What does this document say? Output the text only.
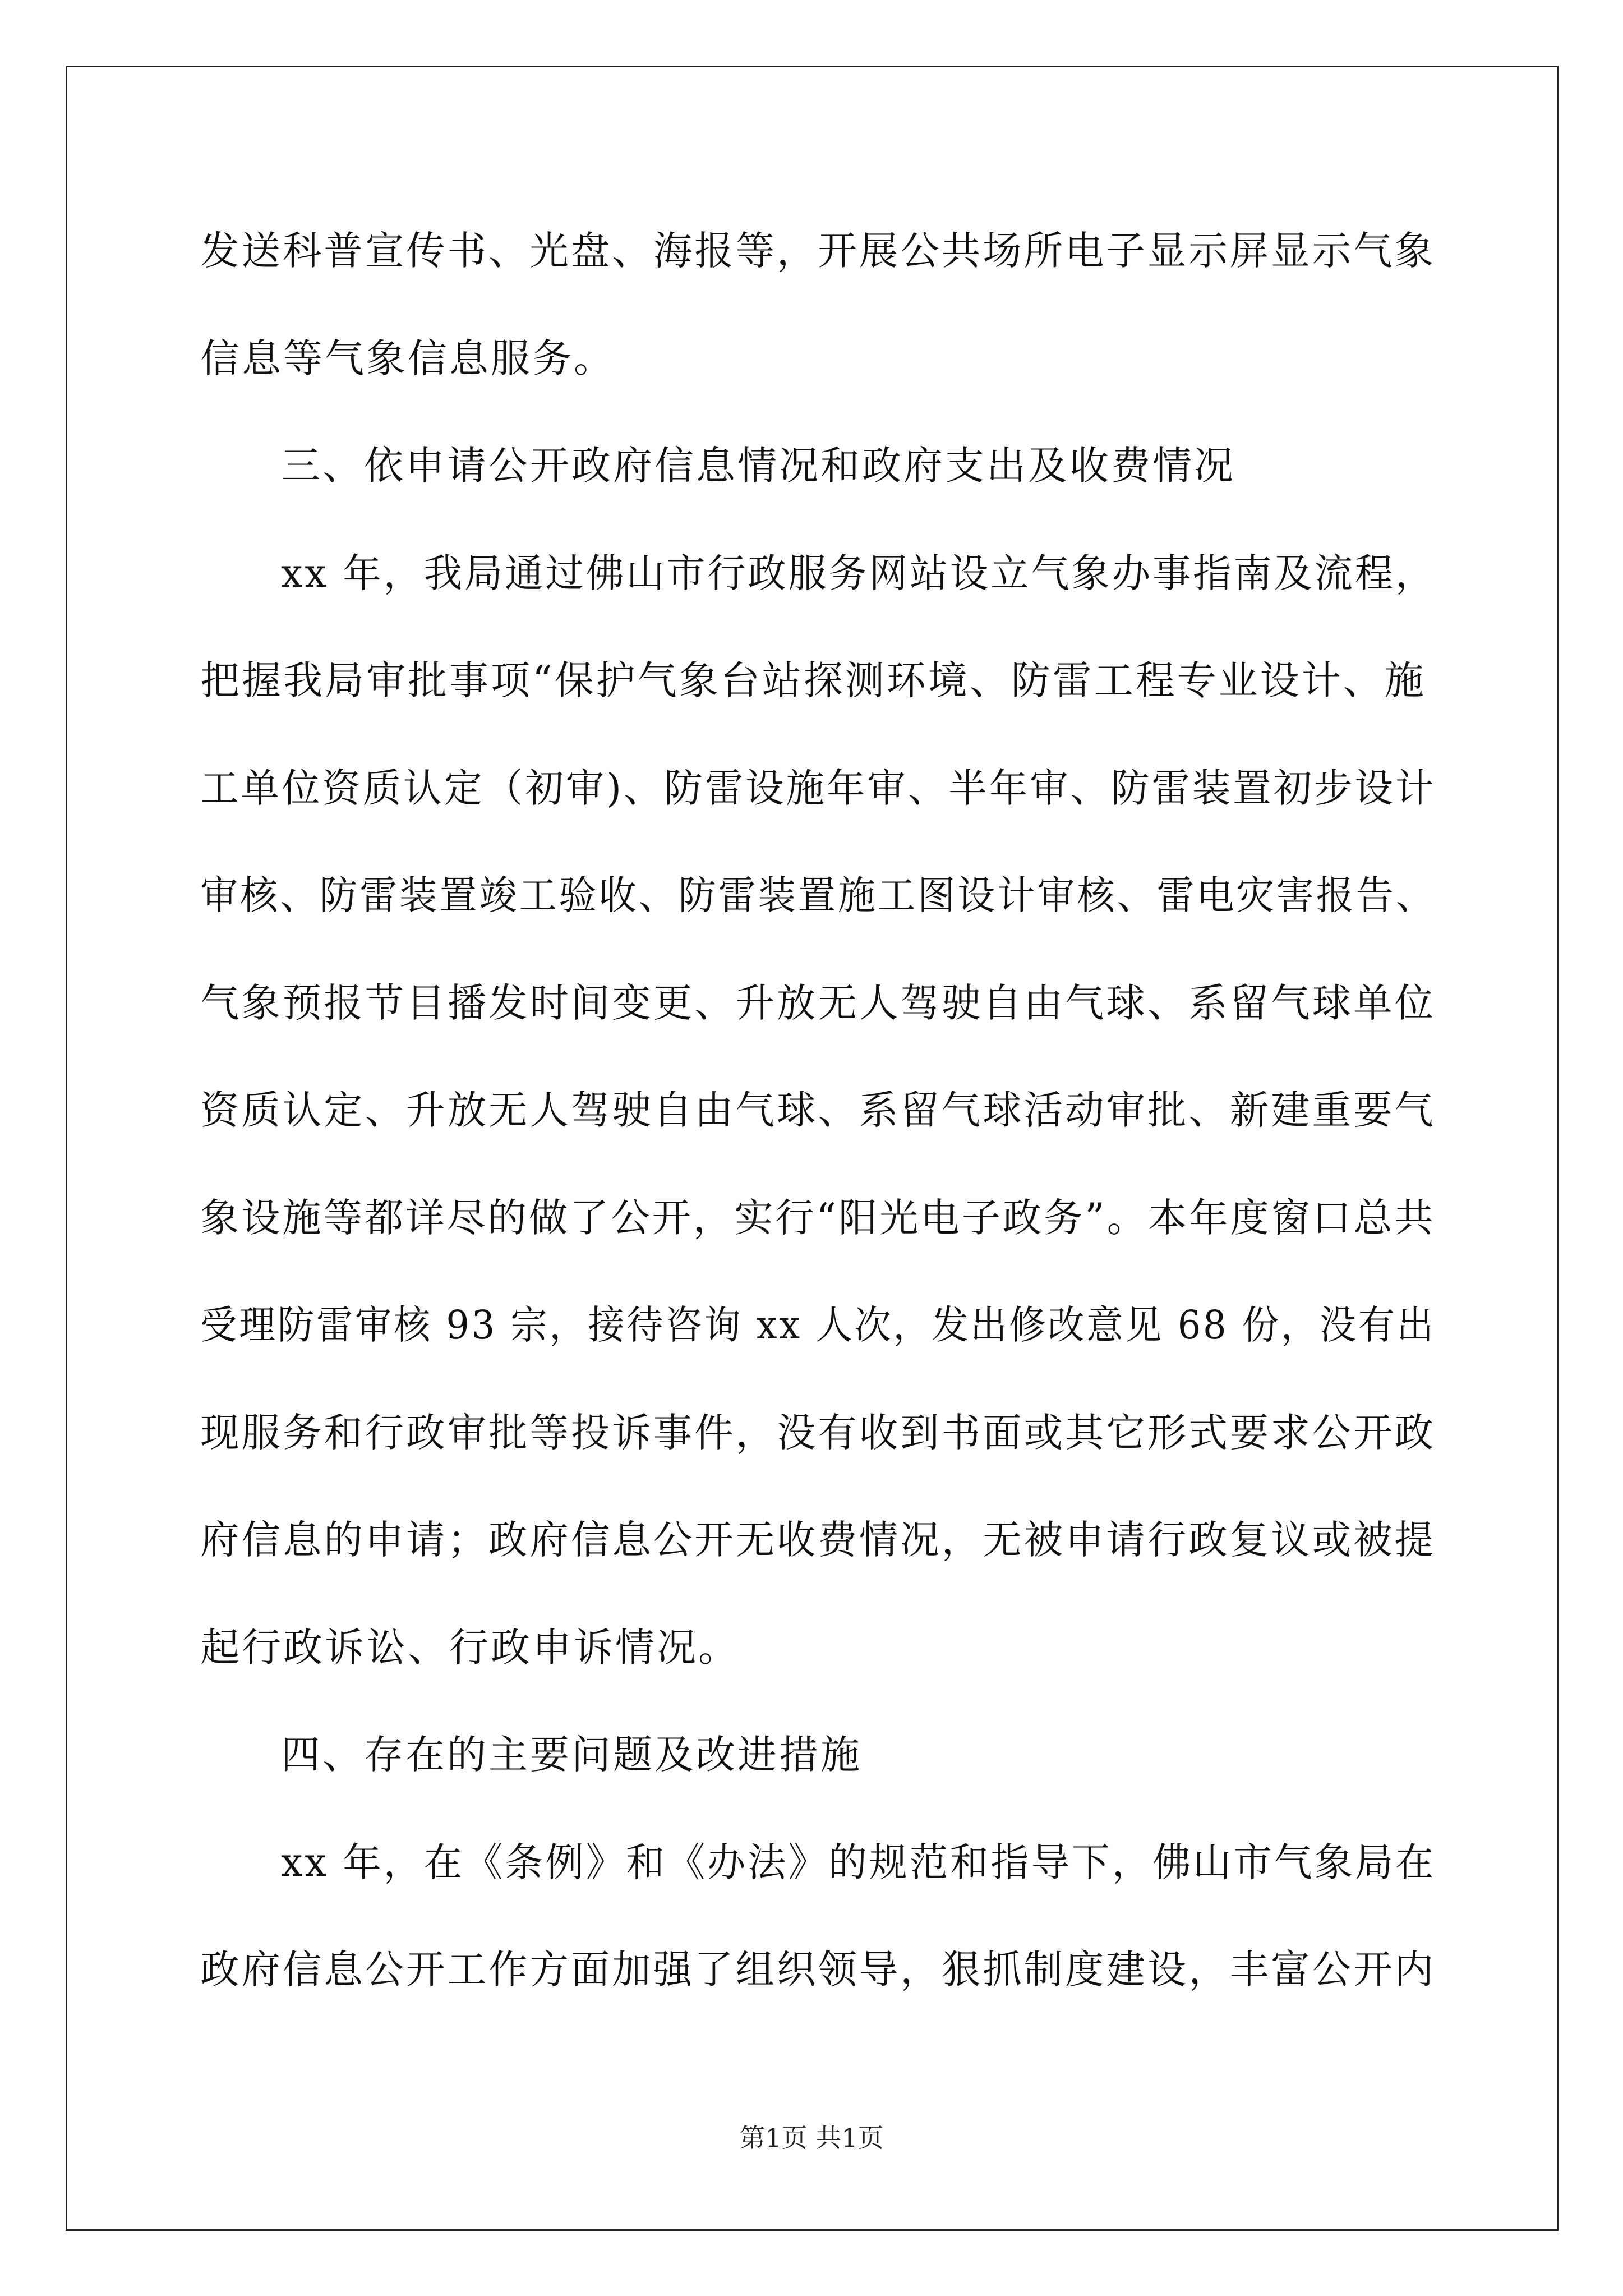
发送科普宣传书、光盘、海报等，开展公共场所电子显示屏显示气象
信息等气象信息服务。
三、依申请公开政府信息情况和政府支出及收费情况
xx 年，我局通过佛山市行政服务网站设立气象办事指南及流程，
把握我局审批事项“保护气象台站探测环境、防雷工程专业设计、施
工单位资质认定（初审)、防雷设施年审、半年审、防雷装置初步设计
审核、防雷装置竣工验收、防雷装置施工图设计审核、雷电灾害报告、
气象预报节目播发时间变更、升放无人驾驶自由气球、系留气球单位
资质认定、升放无人驾驶自由气球、系留气球活动审批、新建重要气
象设施等都详尽的做了公开，实行“阳光电子政务”。本年度窗口总共
受理防雷审核 93 宗，接待咨询 xx 人次，发出修改意见 68 份，没有出
现服务和行政审批等投诉事件，没有收到书面或其它形式要求公开政
府信息的申请；政府信息公开无收费情况，无被申请行政复议或被提
起行政诉讼、行政申诉情况。
四、存在的主要问题及改进措施
xx 年，在《条例》和《办法》的规范和指导下，佛山市气象局在
政府信息公开工作方面加强了组织领导，狠抓制度建设，丰富公开内
第1页 共1页
